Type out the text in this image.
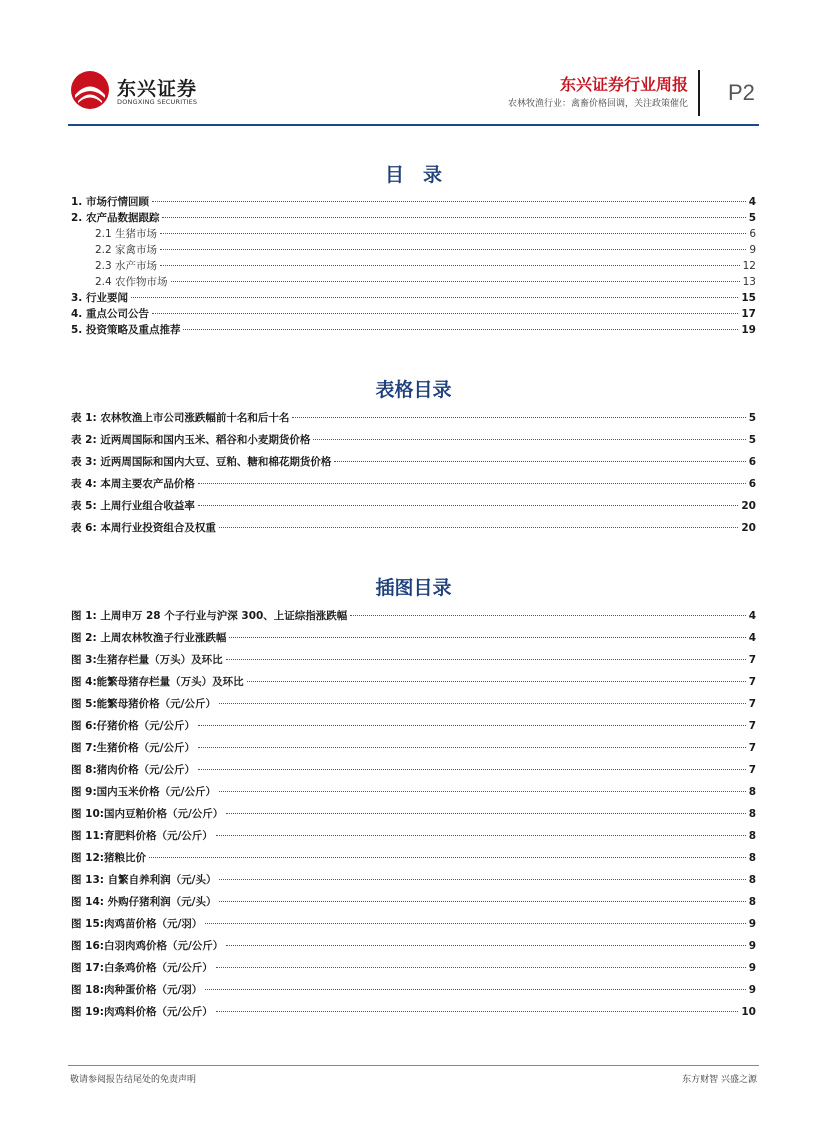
东兴证券
DONGXING SECURITIES
东兴证券行业周报
农林牧渔行业：禽畜价格回调，关注政策催化 P2
目　录
1. 市场行情回顾	4
2. 农产品数据跟踪	5
2.1 生猪市场	6
2.2 家禽市场	9
2.3 水产市场	12
2.4 农作物市场	13
3. 行业要闻	15
4. 重点公司公告	17
5. 投资策略及重点推荐	19
表格目录
表 1: 农林牧渔上市公司涨跌幅前十名和后十名	5
表 2: 近两周国际和国内玉米、稻谷和小麦期货价格	5
表 3: 近两周国际和国内大豆、豆粕、糖和棉花期货价格	6
表 4: 本周主要农产品价格	6
表 5: 上周行业组合收益率	20
表 6: 本周行业投资组合及权重	20
插图目录
图 1: 上周申万 28 个子行业与沪深 300、上证综指涨跌幅	4
图 2: 上周农林牧渔子行业涨跌幅	4
图 3:生猪存栏量（万头）及环比	7
图 4:能繁母猪存栏量（万头）及环比	7
图 5:能繁母猪价格（元/公斤）	7
图 6:仔猪价格（元/公斤）	7
图 7:生猪价格（元/公斤）	7
图 8:猪肉价格（元/公斤）	7
图 9:国内玉米价格（元/公斤）	8
图 10:国内豆粕价格（元/公斤）	8
图 11:育肥料价格（元/公斤）	8
图 12:猪粮比价	8
图 13: 自繁自养利润（元/头）	8
图 14: 外购仔猪利润（元/头）	8
图 15:肉鸡苗价格（元/羽）	9
图 16:白羽肉鸡价格（元/公斤）	9
图 17:白条鸡价格（元/公斤）	9
图 18:肉种蛋价格（元/羽）	9
图 19:肉鸡料价格（元/公斤）	10
敬请参阅报告结尾处的免责声明	东方财智 兴盛之源
